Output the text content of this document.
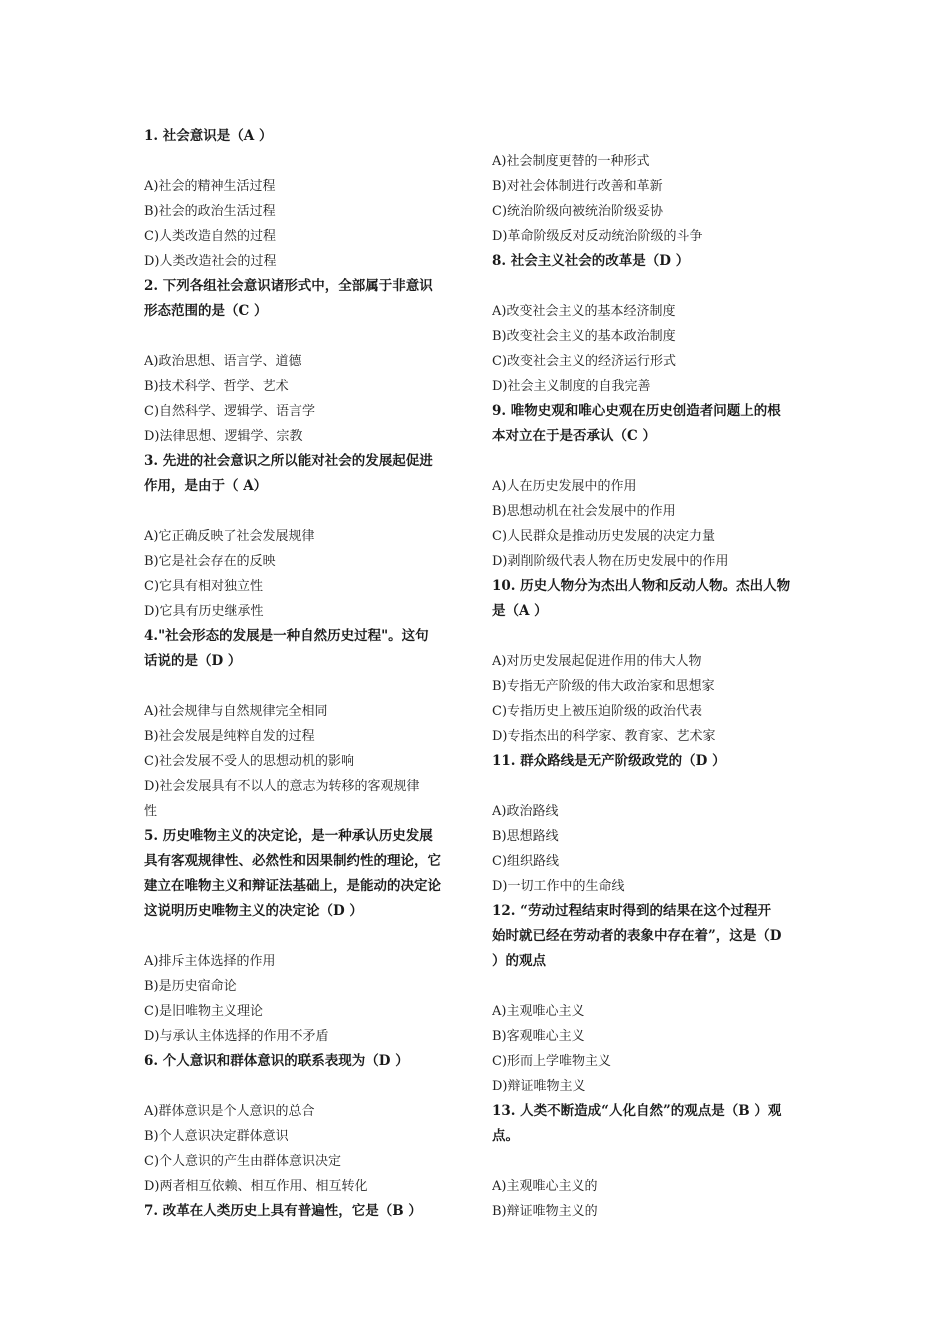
1. 社会意识是（A ）
A)社会的精神生活过程
B)社会的政治生活过程
C)人类改造自然的过程
D)人类改造社会的过程
2. 下列各组社会意识诸形式中，全部属于非意识
形态范围的是（C ）
A)政治思想、语言学、道德
B)技术科学、哲学、艺术
C)自然科学、逻辑学、语言学
D)法律思想、逻辑学、宗教
3. 先进的社会意识之所以能对社会的发展起促进
作用，是由于（ A）
A)它正确反映了社会发展规律
B)它是社会存在的反映
C)它具有相对独立性
D)它具有历史继承性
4."社会形态的发展是一种自然历史过程"。这句
话说的是（D ）
A)社会规律与自然规律完全相同
B)社会发展是纯粹自发的过程
C)社会发展不受人的思想动机的影响
D)社会发展具有不以人的意志为转移的客观规律
性
5. 历史唯物主义的决定论，是一种承认历史发展
具有客观规律性、必然性和因果制约性的理论，它
建立在唯物主义和辩证法基础上，是能动的决定论
这说明历史唯物主义的决定论（D ）
A)排斥主体选择的作用
B)是历史宿命论
C)是旧唯物主义理论
D)与承认主体选择的作用不矛盾
6. 个人意识和群体意识的联系表现为（D ）
A)群体意识是个人意识的总合
B)个人意识决定群体意识
C)个人意识的产生由群体意识决定
D)两者相互依赖、相互作用、相互转化
7. 改革在人类历史上具有普遍性，它是（B ）
A)社会制度更替的一种形式
B)对社会体制进行改善和革新
C)统治阶级向被统治阶级妥协
D)革命阶级反对反动统治阶级的斗争
8. 社会主义社会的改革是（D ）
A)改变社会主义的基本经济制度
B)改变社会主义的基本政治制度
C)改变社会主义的经济运行形式
D)社会主义制度的自我完善
9. 唯物史观和唯心史观在历史创造者问题上的根
本对立在于是否承认（C ）
A)人在历史发展中的作用
B)思想动机在社会发展中的作用
C)人民群众是推动历史发展的决定力量
D)剥削阶级代表人物在历史发展中的作用
10. 历史人物分为杰出人物和反动人物。杰出人物
是（A ）
A)对历史发展起促进作用的伟大人物
B)专指无产阶级的伟大政治家和思想家
C)专指历史上被压迫阶级的政治代表
D)专指杰出的科学家、教育家、艺术家
11. 群众路线是无产阶级政党的（D ）
A)政治路线
B)思想路线
C)组织路线
D)一切工作中的生命线
12. “劳动过程结束时得到的结果在这个过程开
始时就已经在劳动者的表象中存在着”，这是（D
）的观点
A)主观唯心主义
B)客观唯心主义
C)形而上学唯物主义
D)辩证唯物主义
13. 人类不断造成“人化自然”的观点是（B ）观
点。
A)主观唯心主义的
B)辩证唯物主义的
